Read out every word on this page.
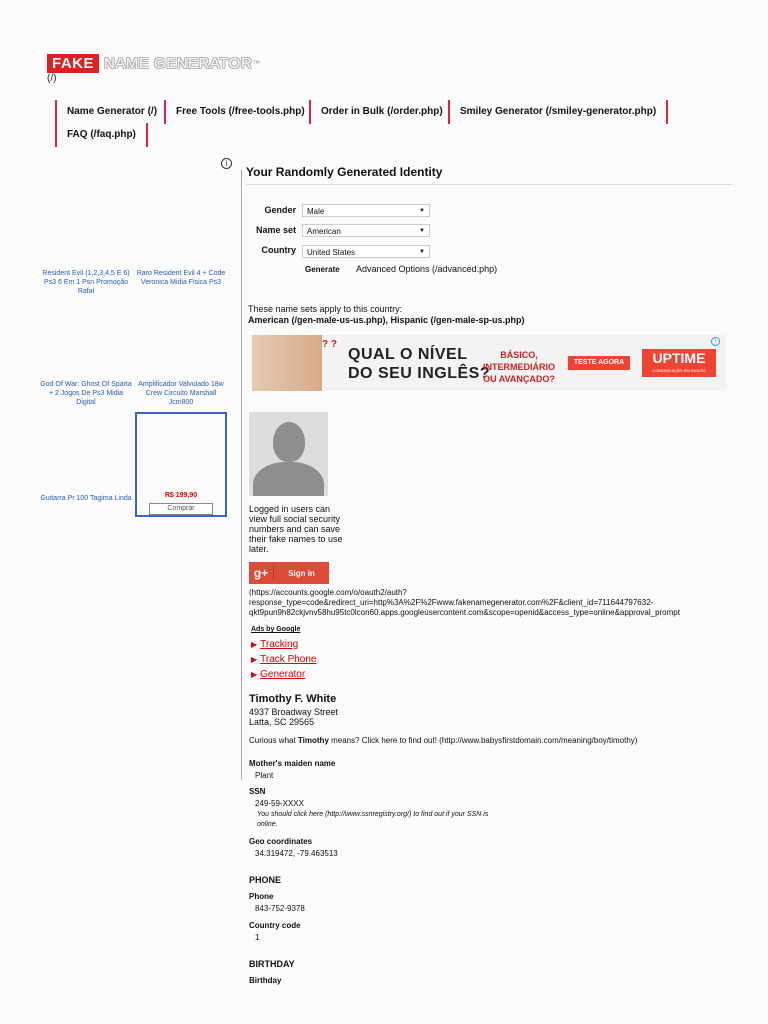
FAKE NAME GENERATOR ™
(/)
Name Generator (/)	Free Tools (/free-tools.php)	Order in Bulk (/order.php)	Smiley Generator (/smiley-generator.php)
FAQ (/faq.php)
i
Resident Evil (1,2,3,4,5 E 6) Ps3 6 Em 1 Psn Promoção Rafal
Raro Resident Evil 4 + Code Veronica Midia Fisica Ps3
God Of War: Ghost Of Sparta + 2 Jogos De Ps3 Midia Digital
Amplificador Valvulado 18w Crew Circuito Marshall Jcm800
Guitarra Pr 100 Tagima Linda	R$ 199,90
Comprar
Your Randomly Generated Identity
Gender	Male	▼
Name set	American	▼
Country	United States	▼
Generate Advanced Options (/advanced.php)
These name sets apply to this country:
American (/gen-male-us-us.php), Hispanic (/gen-male-sp-us.php)
? ?
QUAL O NÍVEL
DO SEU INGLÊS?
BÁSICO, INTERMEDIÁRIO
OU AVANÇADO?
TESTE AGORA	UPTIME
COMUNICAÇÃO EM INGLÊS
i
Logged in users can view full social security numbers and can save their fake names to use later.
g+	Sign in
(https://accounts.google.com/o/oauth2/auth?
response_type=code&redirect_uri=http%3A%2F%2Fwww.fakenamegenerator.com%2F&client_id=711644797632-
qkt9pun9h82ckjvnv58hu95tc0lcon60.apps.googleusercontent.com&scope=openid&access_type=online&approval_prompt
Ads by Google
▶ Tracking
▶ Track Phone
▶ Generator
Timothy F. White
4937 Broadway Street
Latta, SC 29565
Curious what Timothy means? Click here to find out! (http://www.babysfirstdomain.com/meaning/boy/timothy)
Mother's maiden name
Plant
SSN
249-59-XXXX
You should click here (http://www.ssnregistry.org/) to find out if your SSN is online.
Geo coordinates
34.319472, -79.463513
PHONE
Phone
843-752-9378
Country code
1
BIRTHDAY
Birthday
